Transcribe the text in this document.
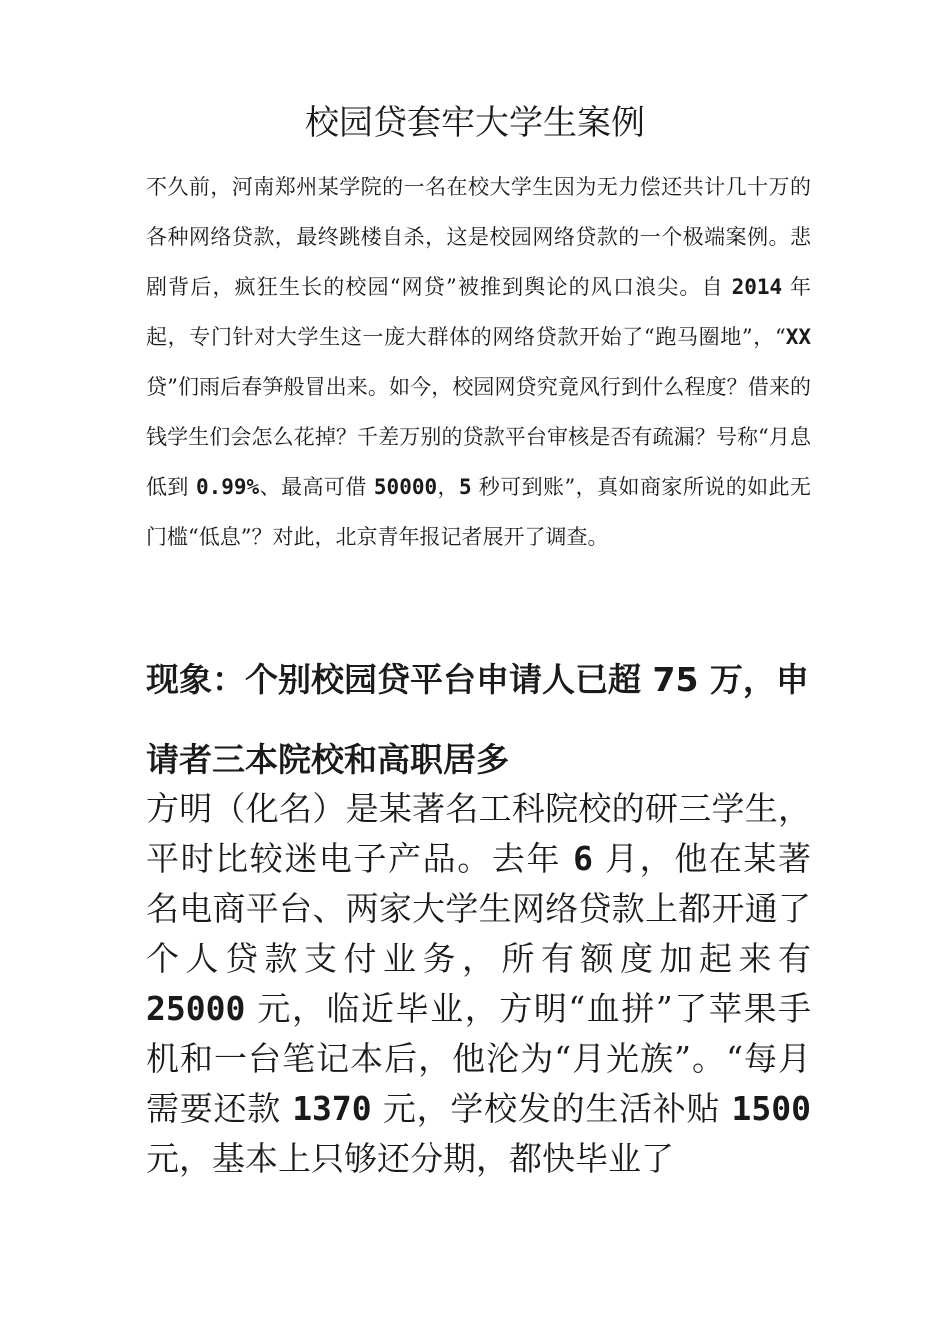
校园贷套牢大学生案例

不久前，河南郑州某学院的一名在校大学生因为无力偿还共计几十万的各种网络贷款，最终跳楼自杀，这是校园网络贷款的一个极端案例。悲剧背后，疯狂生长的校园“网贷”被推到舆论的风口浪尖。自 2014 年起，专门针对大学生这一庞大群体的网络贷款开始了“跑马圈地”，“XX 贷”们雨后春笋般冒出来。如今，校园网贷究竟风行到什么程度？借来的钱学生们会怎么花掉？千差万别的贷款平台审核是否有疏漏？号称“月息低到 0.99%、最高可借 50000，5 秒可到账”，真如商家所说的如此无门槛“低息”？对此，北京青年报记者展开了调查。

现象：个别校园贷平台申请人已超 75 万，申请者三本院校和高职居多

方明（化名）是某著名工科院校的研三学生，平时比较迷电子产品。去年 6 月，他在某著名电商平台、两家大学生网络贷款上都开通了个人贷款支付业务，所有额度加起来有 25000 元，临近毕业，方明“血拼”了苹果手机和一台笔记本后，他沦为“月光族”。“每月需要还款 1370 元，学校发的生活补贴 1500 元，基本上只够还分期，都快毕业了
